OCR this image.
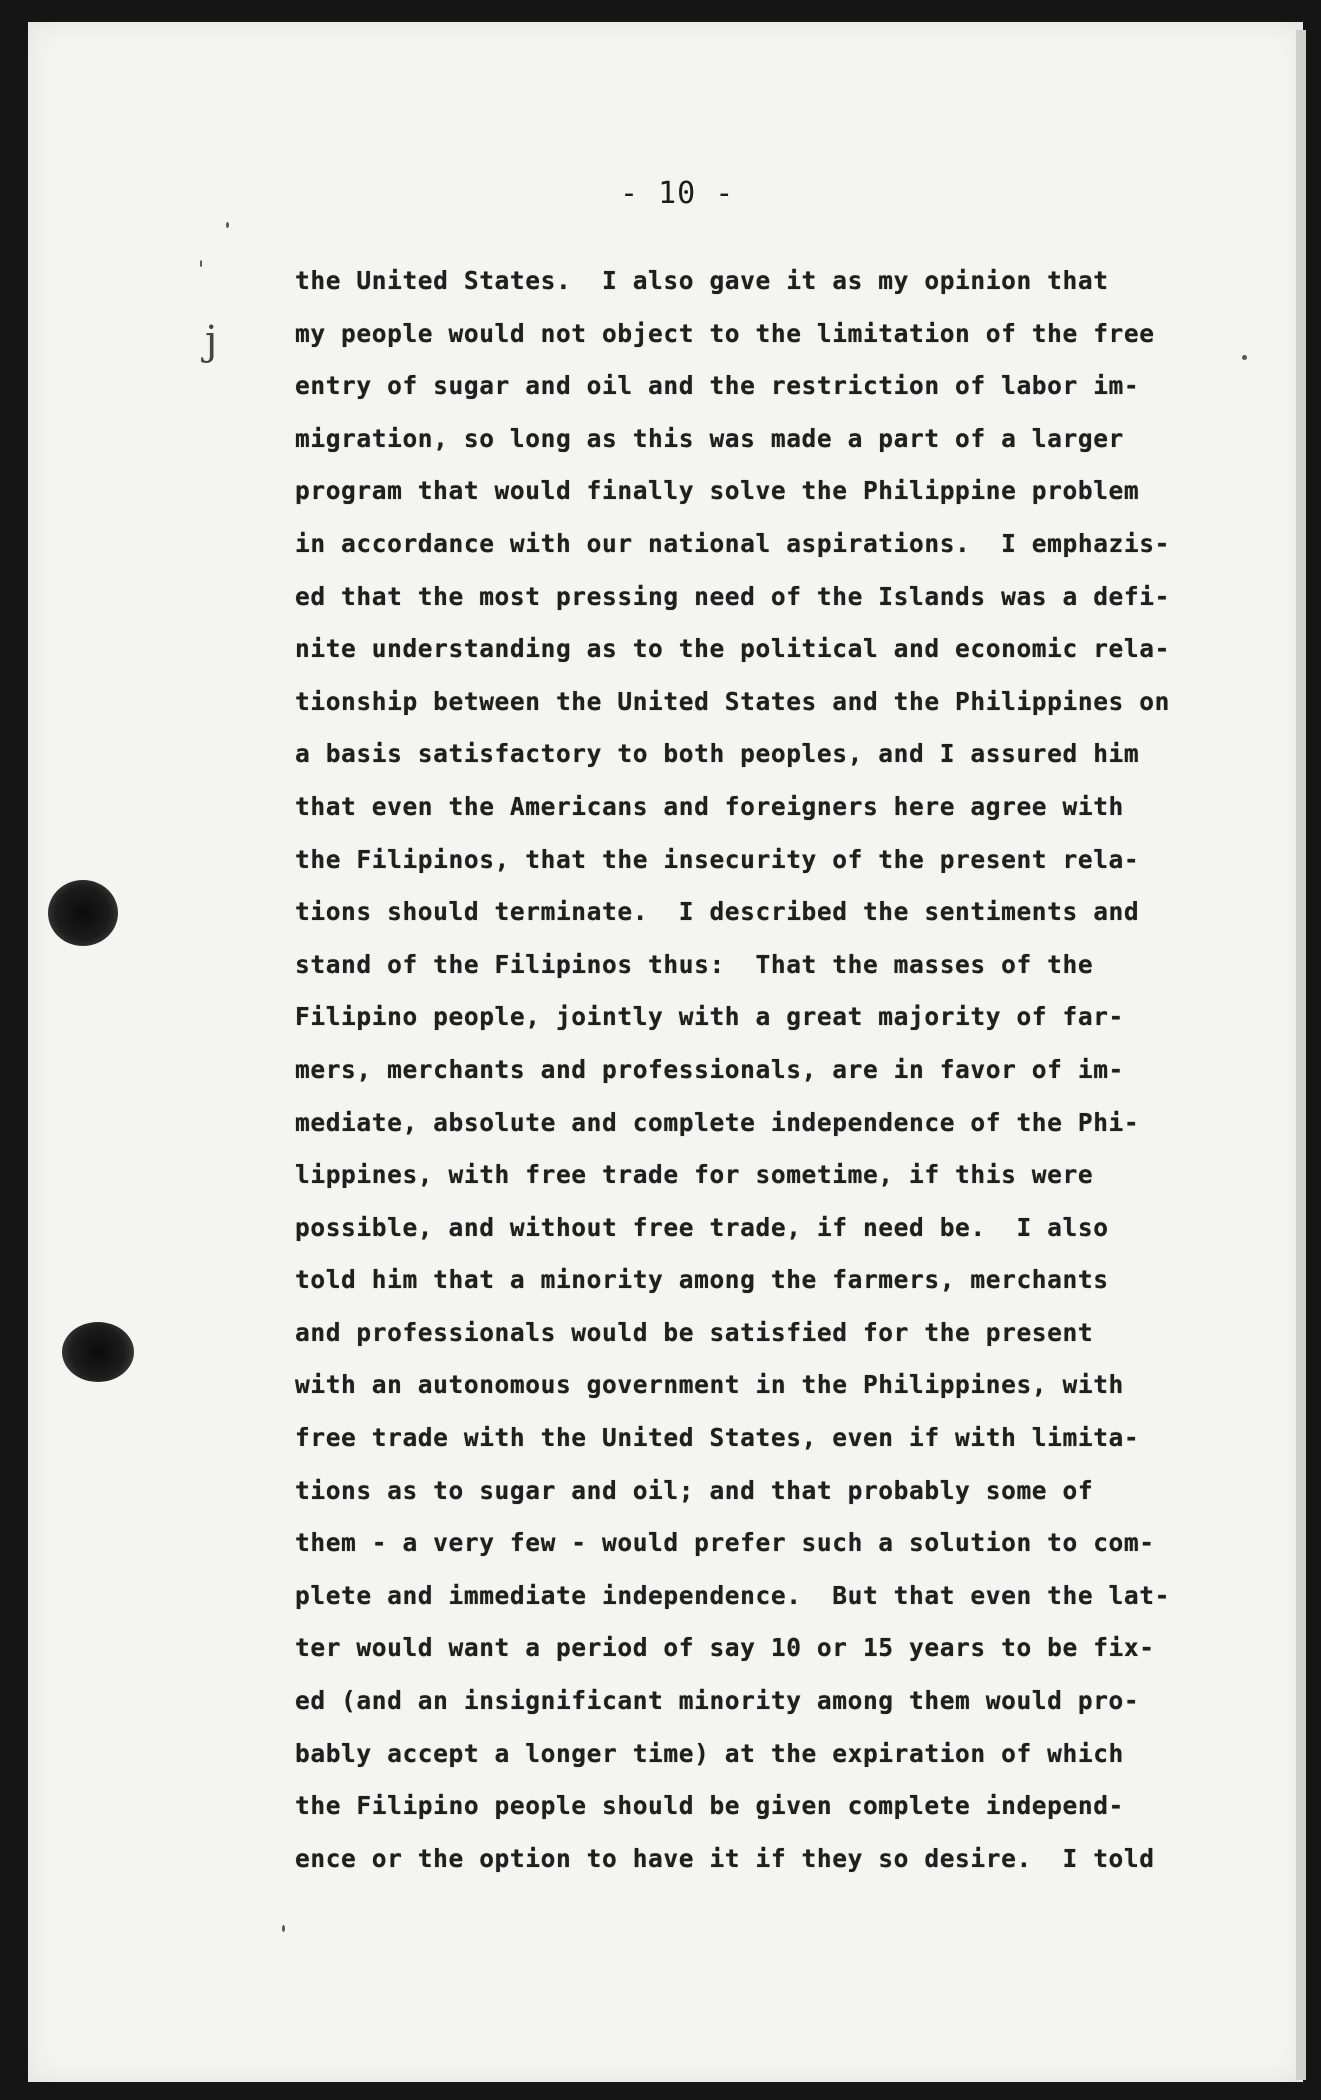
j
'
- 10 -
the United States.  I also gave it as my opinion that
my people would not object to the limitation of the free
entry of sugar and oil and the restriction of labor im-
migration, so long as this was made a part of a larger
program that would finally solve the Philippine problem
in accordance with our national aspirations.  I emphazis-
ed that the most pressing need of the Islands was a defi-
nite understanding as to the political and economic rela-
tionship between the United States and the Philippines on
a basis satisfactory to both peoples, and I assured him
that even the Americans and foreigners here agree with
the Filipinos, that the insecurity of the present rela-
tions should terminate.  I described the sentiments and
stand of the Filipinos thus:  That the masses of the
Filipino people, jointly with a great majority of far-
mers, merchants and professionals, are in favor of im-
mediate, absolute and complete independence of the Phi-
lippines, with free trade for sometime, if this were
possible, and without free trade, if need be.  I also
told him that a minority among the farmers, merchants
and professionals would be satisfied for the present
with an autonomous government in the Philippines, with
free trade with the United States, even if with limita-
tions as to sugar and oil; and that probably some of
them - a very few - would prefer such a solution to com-
plete and immediate independence.  But that even the lat-
ter would want a period of say 10 or 15 years to be fix-
ed (and an insignificant minority among them would pro-
bably accept a longer time) at the expiration of which
the Filipino people should be given complete independ-
ence or the option to have it if they so desire.  I told
